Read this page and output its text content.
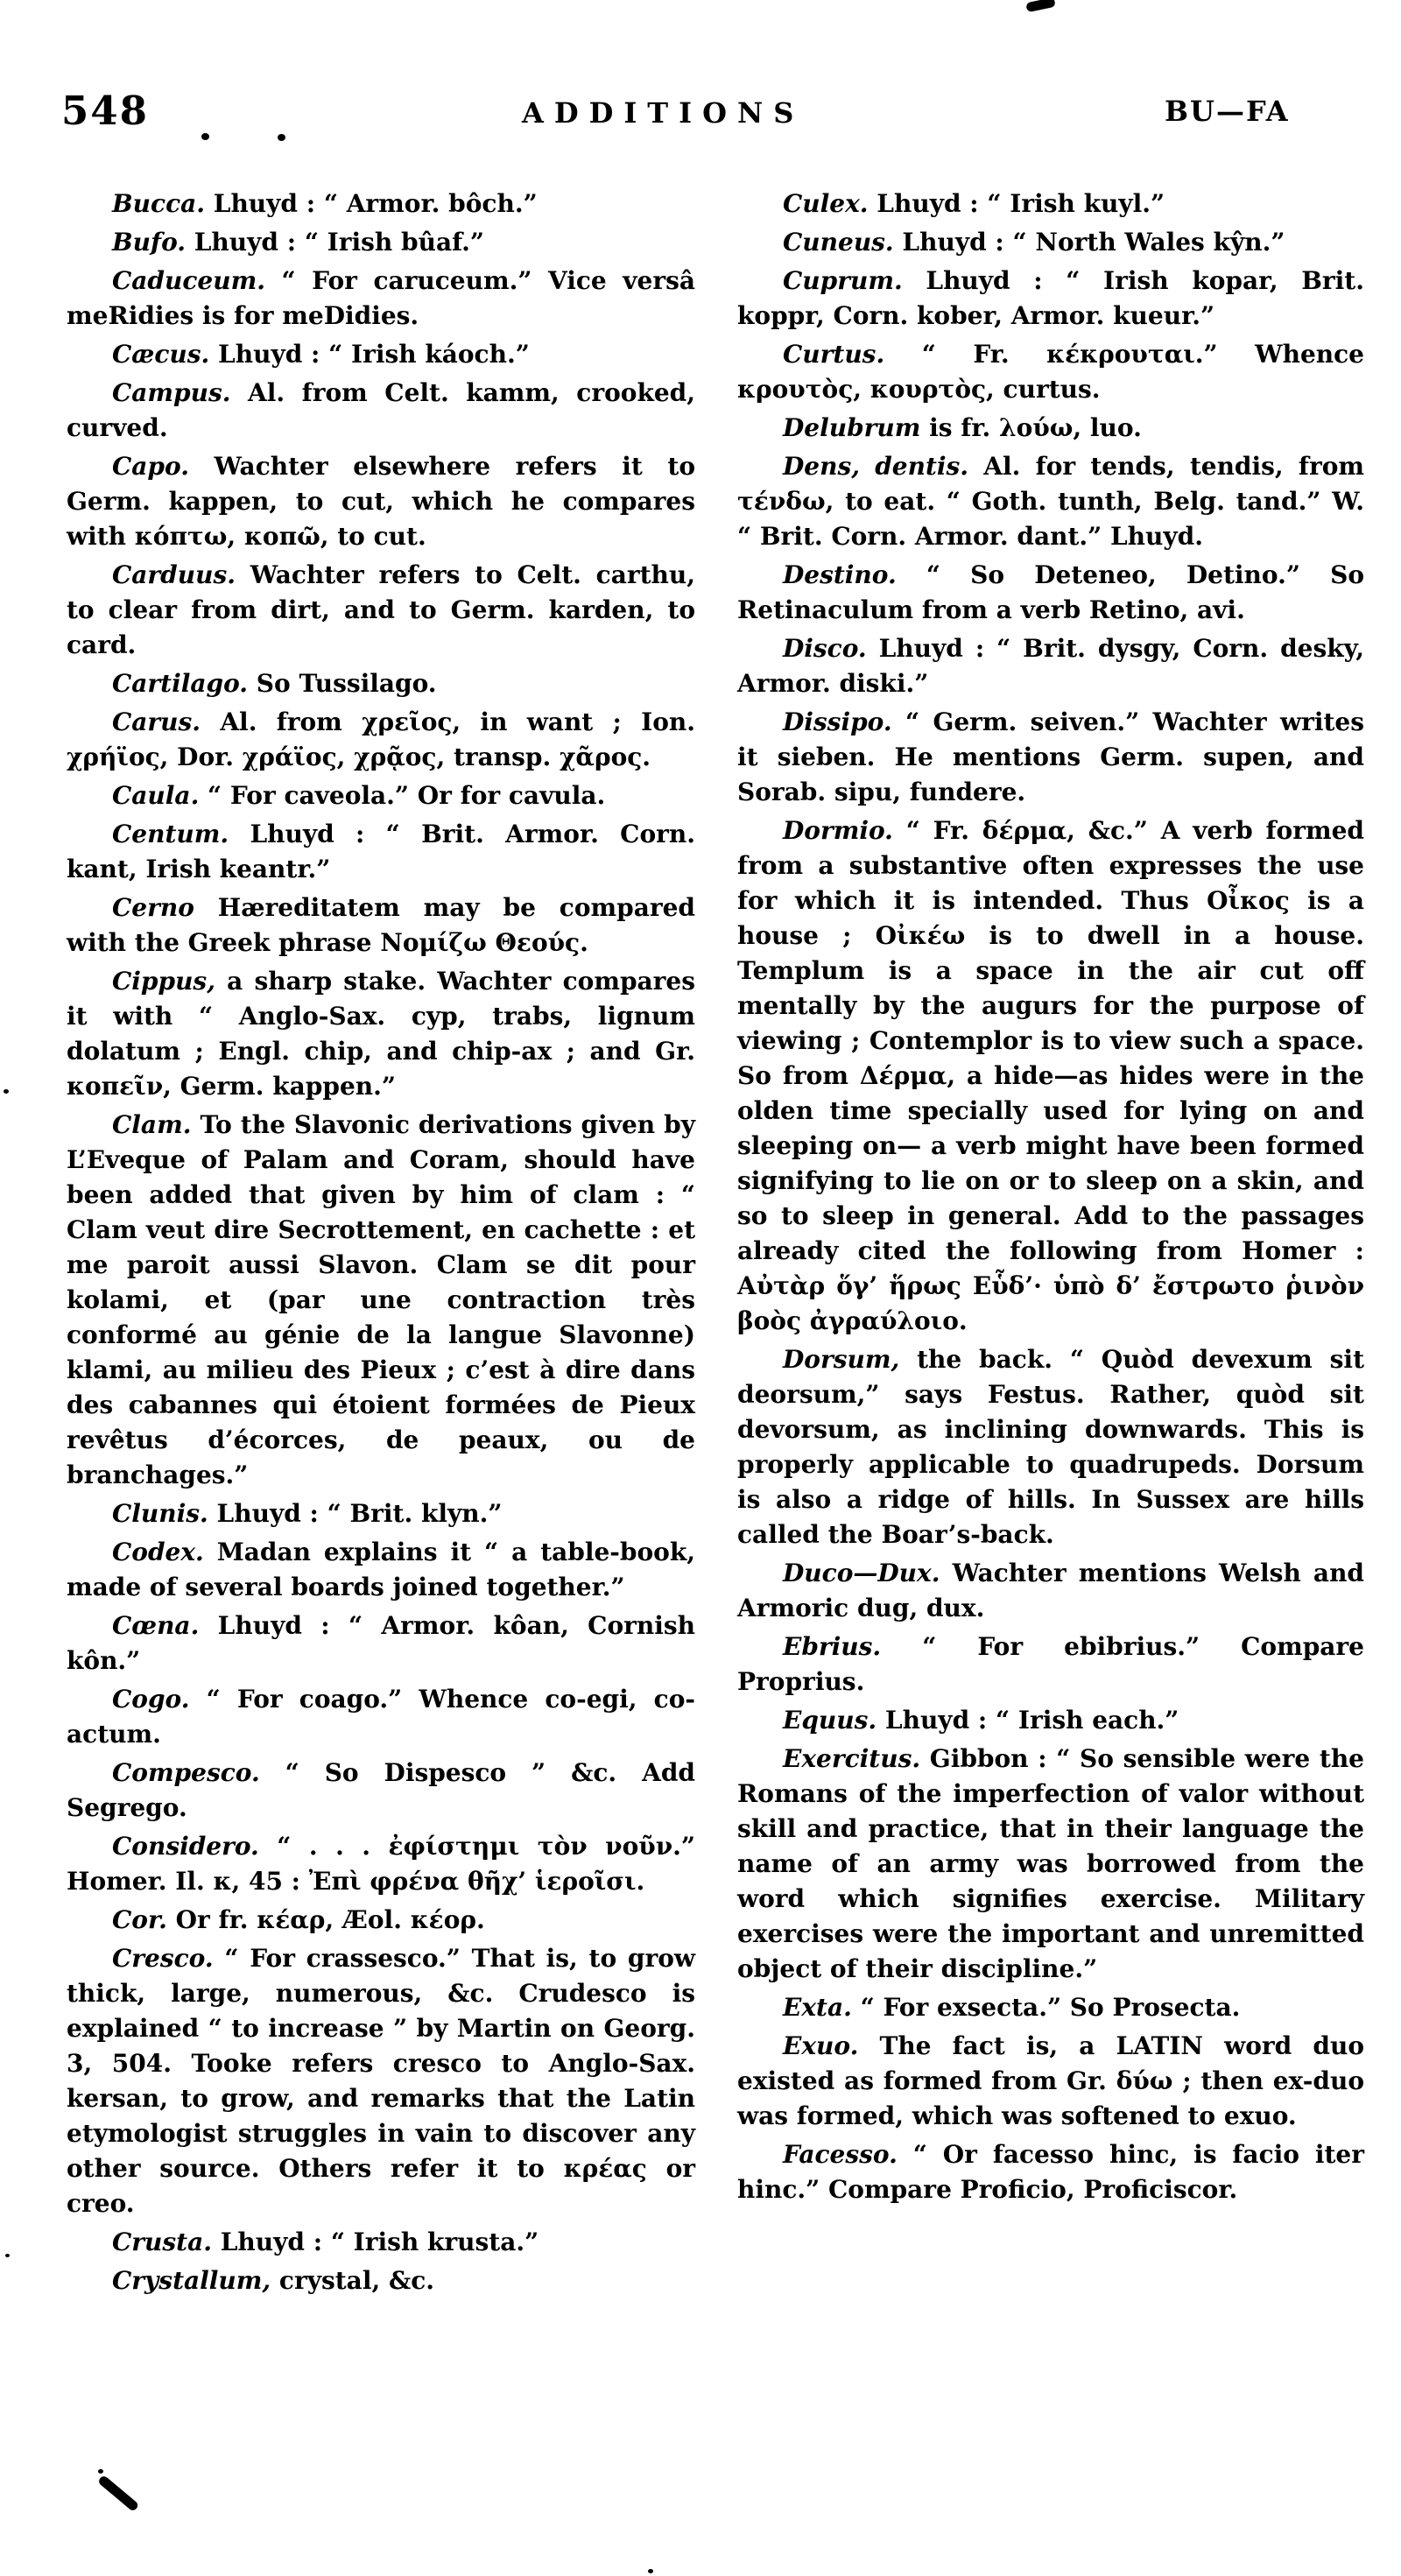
548	ADDITIONS	BU—FA

Bucca. Lhuyd : “ Armor. bôch.”

Bufo. Lhuyd : “ Irish bûaf.”

Caduceum. “ For caruceum.” Vice versâ meRidies is for meDidies.

Cæcus. Lhuyd : “ Irish káoch.”

Campus. Al. from Celt. kamm, crooked, curved.

Capo. Wachter elsewhere refers it to Germ. kappen, to cut, which he compares with κόπτω, κοπῶ, to cut.

Carduus. Wachter refers to Celt. carthu, to clear from dirt, and to Germ. karden, to card.

Cartilago. So Tussilago.

Carus. Al. from χρεῖος, in want ; Ion. χρήϊος, Dor. χράϊος, χρᾷος, transp. χᾶρος.

Caula. “ For caveola.” Or for cavula.

Centum. Lhuyd : “ Brit. Armor. Corn. kant, Irish keantr.”

Cerno Hæreditatem may be compared with the Greek phrase Νομίζω Θεούς.

Cippus, a sharp stake. Wachter compares it with “ Anglo-Sax. cyp, trabs, lignum dolatum ; Engl. chip, and chip-ax ; and Gr. κοπεῖν, Germ. kappen.”

Clam. To the Slavonic derivations given by L’Eveque of Palam and Coram, should have been added that given by him of clam : “ Clam veut dire Secrottement, en cachette : et me paroit aussi Slavon. Clam se dit pour kolami, et (par une contraction très conformé au génie de la langue Slavonne) klami, au milieu des Pieux ; c’est à dire dans des cabannes qui étoient formées de Pieux revêtus d’écorces, de peaux, ou de branchages.”

Clunis. Lhuyd : “ Brit. klyn.”

Codex. Madan explains it “ a table-book, made of several boards joined together.”

Cœna. Lhuyd : “ Armor. kôan, Cornish kôn.”

Cogo. “ For coago.” Whence co-egi, co-actum.

Compesco. “ So Dispesco ” &c. Add Segrego.

Considero. “ . . . ἐφίστημι τὸν νοῦν.” Homer. Il. κ, 45 : Ἐπὶ φρένα θῆχ’ ἱεροῖσι.

Cor. Or fr. κέαρ, Æol. κέορ.

Cresco. “ For crassesco.” That is, to grow thick, large, numerous, &c. Crudesco is explained “ to increase ” by Martin on Georg. 3, 504. Tooke refers cresco to Anglo-Sax. kersan, to grow, and remarks that the Latin etymologist struggles in vain to discover any other source. Others refer it to κρέας or creo.

Crusta. Lhuyd : “ Irish krusta.”

Crystallum, crystal, &c.

Culex. Lhuyd : “ Irish kuyl.”

Cuneus. Lhuyd : “ North Wales kŷn.”

Cuprum. Lhuyd : “ Irish kopar, Brit. koppr, Corn. kober, Armor. kueur.”

Curtus. “ Fr. κέκρουται.” Whence κρουτὸς, κουρτὸς, curtus.

Delubrum is fr. λούω, luo.

Dens, dentis. Al. for tends, tendis, from τένδω, to eat. “ Goth. tunth, Belg. tand.” W. “ Brit. Corn. Armor. dant.” Lhuyd.

Destino. “ So Deteneo, Detino.” So Retinaculum from a verb Retino, avi.

Disco. Lhuyd : “ Brit. dysgy, Corn. desky, Armor. diski.”

Dissipo. “ Germ. seiven.” Wachter writes it sieben. He mentions Germ. supen, and Sorab. sipu, fundere.

Dormio. “ Fr. δέρμα, &c.” A verb formed from a substantive often expresses the use for which it is intended. Thus Οἶκος is a house ; Οἰκέω is to dwell in a house. Templum is a space in the air cut off mentally by the augurs for the purpose of viewing ; Contemplor is to view such a space. So from Δέρμα, a hide—as hides were in the olden time specially used for lying on and sleeping on— a verb might have been formed signifying to lie on or to sleep on a skin, and so to sleep in general. Add to the passages already cited the following from Homer : Αὐτὰρ ὅγ’ ἥρως Εὗδ’· ὑπὸ δ’ ἔστρωτο ῥινὸν βοὸς ἀγραύλοιο.

Dorsum, the back. “ Quòd devexum sit deorsum,” says Festus. Rather, quòd sit devorsum, as inclining downwards. This is properly applicable to quadrupeds. Dorsum is also a ridge of hills. In Sussex are hills called the Boar’s-back.

Duco—Dux. Wachter mentions Welsh and Armoric dug, dux.

Ebrius. “ For ebibrius.” Compare Proprius.

Equus. Lhuyd : “ Irish each.”

Exercitus. Gibbon : “ So sensible were the Romans of the imperfection of valor without skill and practice, that in their language the name of an army was borrowed from the word which signifies exercise. Military exercises were the important and unremitted object of their discipline.”

Exta. “ For exsecta.” So Prosecta.

Exuo. The fact is, a LATIN word duo existed as formed from Gr. δύω ; then ex-duo was formed, which was softened to exuo.

Facesso. “ Or facesso hinc, is facio iter hinc.” Compare Proficio, Proficiscor.
